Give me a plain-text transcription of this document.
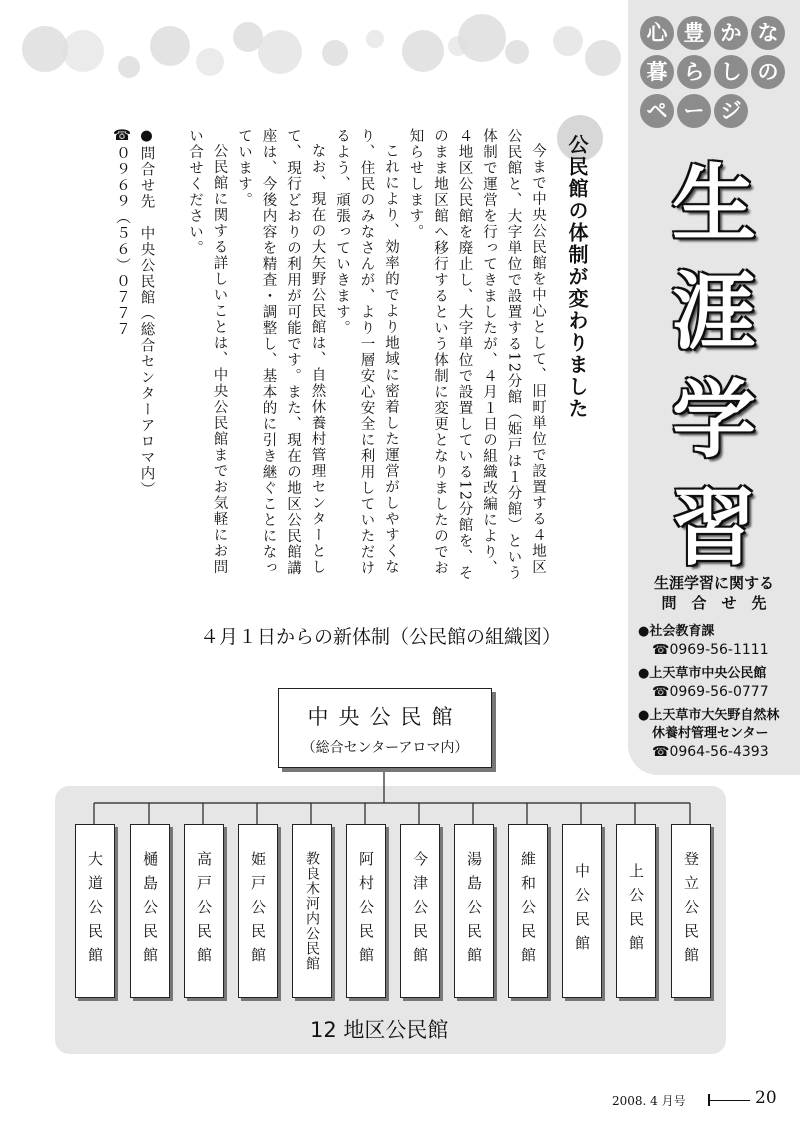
心 豊 か な
暮 ら し の
ペ ー ジ
生
涯
学
習
生涯学習に関する
問　合　せ　先
●社会教育課
☎0969-56-1111
●上天草市中央公民館
☎0969-56-0777
●上天草市大矢野自然林
休養村管理センター
☎0964-56-4393
公民館の体制が変わりました

今まで中央公民館を中心として、旧町単位で設置する４地区公民館と、大字単位で設置する12分館（姫戸は１分館）という体制で運営を行ってきましたが、４月１日の組織改編により、４地区公民館を廃止し、大字単位で設置している12分館を、そのまま地区館へ移行するという体制に変更となりましたのでお知らせします。

これにより、効率的でより地域に密着した運営がしやすくなり、住民のみなさんが、より一層安心安全に利用していただけるよう、頑張っていきます。

なお、現在の大矢野公民館は、自然休養村管理センターとして、現行どおりの利用が可能です。また、現在の地区公民館講座は、今後内容を精査・調整し、基本的に引き継ぐことになっています。

公民館に関する詳しいことは、中央公民館までお気軽にお問い合せください。

●問合せ先　中央公民館（総合センターアロマ内）

☎０９６９（５６）０７７７

４月１日からの新体制（公民館の組織図）
中央公民館
（総合センターアロマ内）
大道公民館 樋島公民館 高戸公民館 姫戸公民館	教良木河内公民館 阿村公民館 今津公民館 湯島公民館 維和公民館 中公民館 上公民館 登立公民館
12 地区公民館
2008. 4 月号	20
